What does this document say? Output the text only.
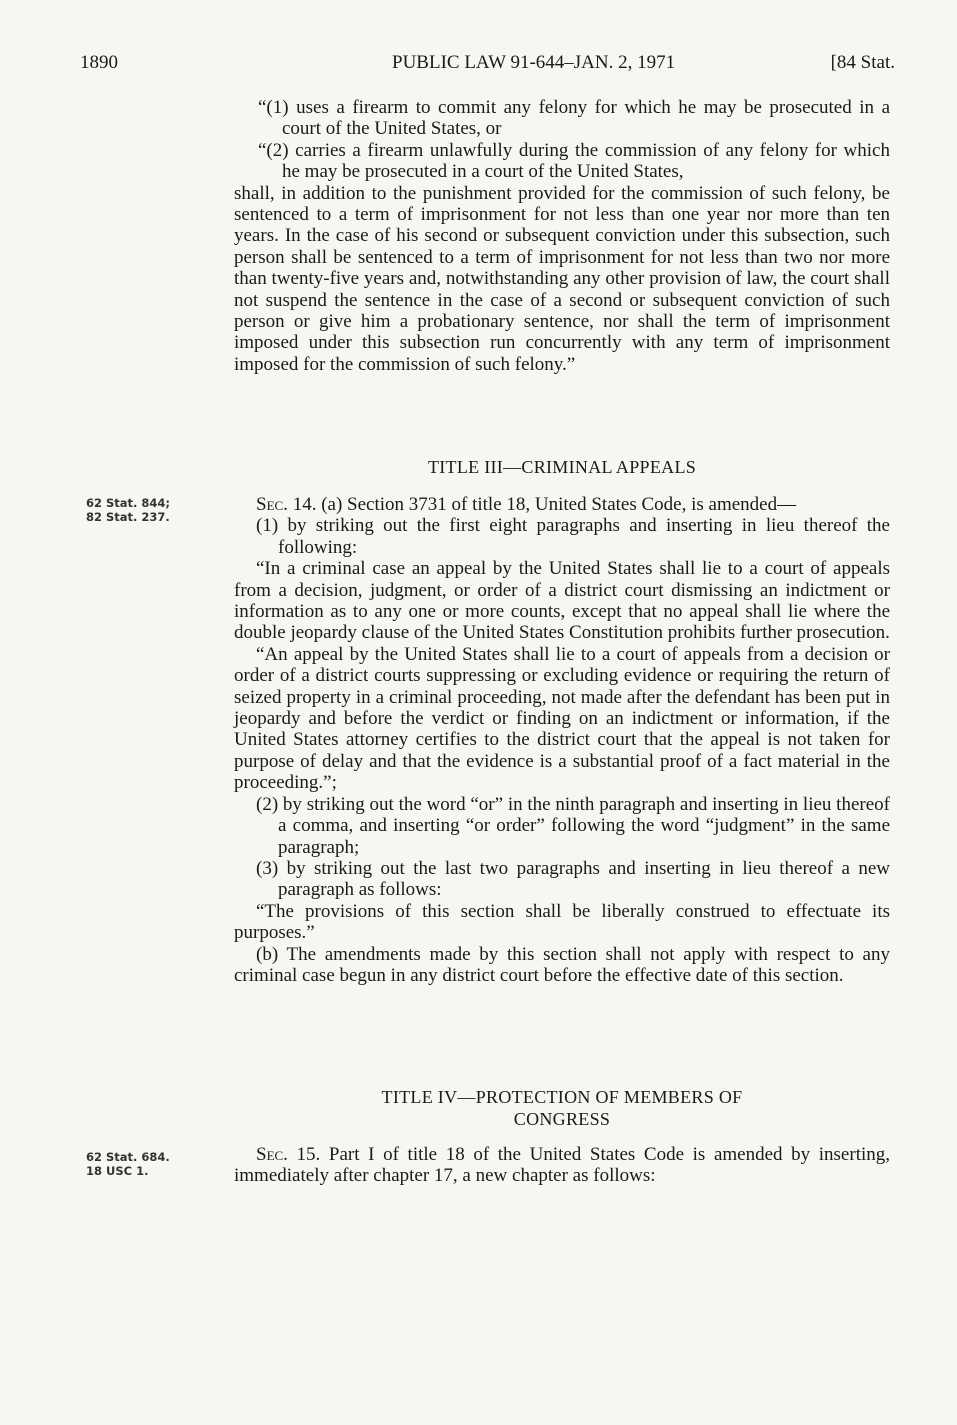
1890	PUBLIC LAW 91-644–JAN. 2, 1971	[84 Stat.

“(1) uses a firearm to commit any felony for which he may be prosecuted in a court of the United States, or

“(2) carries a firearm unlawfully during the commission of any felony for which he may be prosecuted in a court of the United States,

shall, in addition to the punishment provided for the commission of such felony, be sentenced to a term of imprisonment for not less than one year nor more than ten years. In the case of his second or subsequent conviction under this subsection, such person shall be sentenced to a term of imprisonment for not less than two nor more than twenty-five years and, notwithstanding any other provision of law, the court shall not suspend the sentence in the case of a second or subsequent conviction of such person or give him a probationary sentence, nor shall the term of imprisonment imposed under this subsection run concurrently with any term of imprisonment imposed for the commission of such felony.”

TITLE III—CRIMINAL APPEALS

62 Stat. 844;
82 Stat. 237.

Sec. 14. (a) Section 3731 of title 18, United States Code, is amended—

(1) by striking out the first eight paragraphs and inserting in lieu thereof the following:

“In a criminal case an appeal by the United States shall lie to a court of appeals from a decision, judgment, or order of a district court dismissing an indictment or information as to any one or more counts, except that no appeal shall lie where the double jeopardy clause of the United States Constitution prohibits further prosecution.

“An appeal by the United States shall lie to a court of appeals from a decision or order of a district courts suppressing or excluding evidence or requiring the return of seized property in a criminal proceeding, not made after the defendant has been put in jeopardy and before the verdict or finding on an indictment or information, if the United States attorney certifies to the district court that the appeal is not taken for purpose of delay and that the evidence is a substantial proof of a fact material in the proceeding.”;

(2) by striking out the word “or” in the ninth paragraph and inserting in lieu thereof a comma, and inserting “or order” following the word “judgment” in the same paragraph;

(3) by striking out the last two paragraphs and inserting in lieu thereof a new paragraph as follows:

“The provisions of this section shall be liberally construed to effectuate its purposes.”

(b) The amendments made by this section shall not apply with respect to any criminal case begun in any district court before the effective date of this section.

TITLE IV—PROTECTION OF MEMBERS OF

CONGRESS

62 Stat. 684.
18 USC 1.

Sec. 15. Part I of title 18 of the United States Code is amended by inserting, immediately after chapter 17, a new chapter as follows:
